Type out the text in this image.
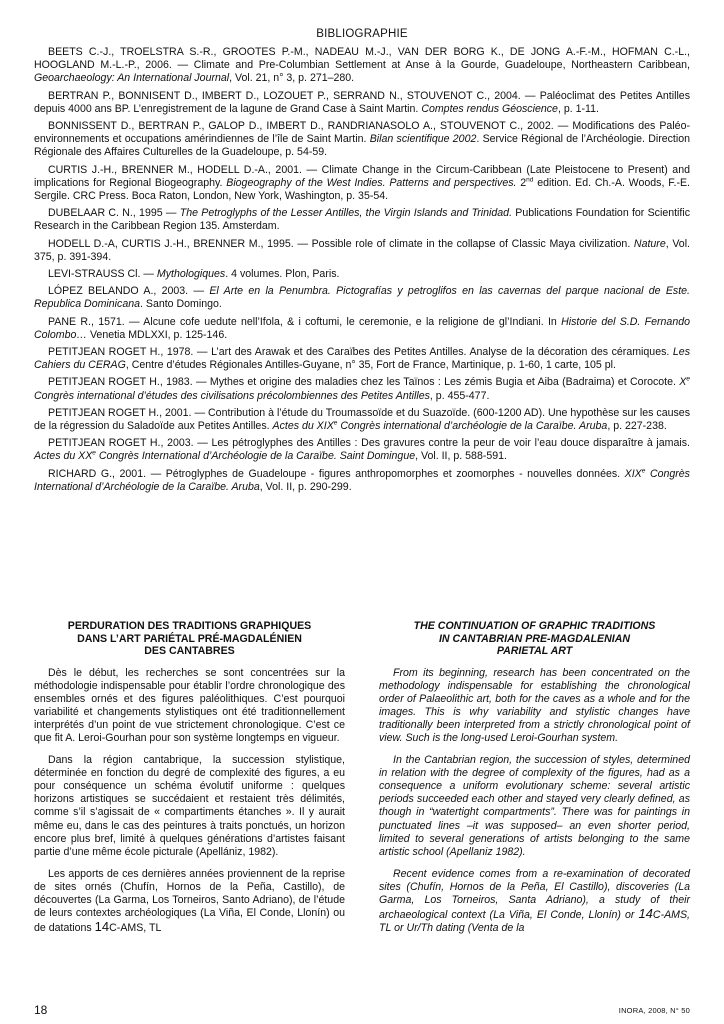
BIBLIOGRAPHIE

BEETS C.-J., TROELSTRA S.-R., GROOTES P.-M., NADEAU M.-J., VAN DER BORG K., DE JONG A.-F.-M., HOFMAN C.-L., HOOGLAND M.-L.-P., 2006. — Climate and Pre-Columbian Settlement at Anse à la Gourde, Guadeloupe, Northeastern Caribbean, Geoarchaeology: An International Journal, Vol. 21, n° 3, p. 271–280.

BERTRAN P., BONNISENT D., IMBERT D., LOZOUET P., SERRAND N., STOUVENOT C., 2004. — Paléoclimat des Petites Antilles depuis 4000 ans BP. L’enregistrement de la lagune de Grand Case à Saint Martin. Comptes rendus Géoscience, p. 1-11.

BONNISSENT D., BERTRAN P., GALOP D., IMBERT D., RANDRIANASOLO A., STOUVENOT C., 2002. — Modifications des Paléo-environnements et occupations amérindiennes de l’île de Saint Martin. Bilan scientifique 2002. Service Régional de l’Archéologie. Direction Régionale des Affaires Culturelles de la Guadeloupe, p. 54-59.

CURTIS J.-H., BRENNER M., HODELL D.-A., 2001. — Climate Change in the Circum-Caribbean (Late Pleistocene to Present) and implications for Regional Biogeography. Biogeography of the West Indies. Patterns and perspectives. 2nd edition. Ed. Ch.-A. Woods, F.-E. Sergile. CRC Press. Boca Raton, London, New York, Washington, p. 35-54.

DUBELAAR C. N., 1995 — The Petroglyphs of the Lesser Antilles, the Virgin Islands and Trinidad. Publications Foundation for Scientific Research in the Caribbean Region 135. Amsterdam.

HODELL D.-A, CURTIS J.-H., BRENNER M., 1995. — Possible role of climate in the collapse of Classic Maya civilization. Nature, Vol. 375, p. 391-394.

LEVI-STRAUSS Cl. — Mythologiques. 4 volumes. Plon, Paris.

LÓPEZ BELANDO A., 2003. — El Arte en la Penumbra. Pictografías y petroglifos en las cavernas del parque nacional de Este. Republica Dominicana. Santo Domingo.

PANE R., 1571. — Alcune cofe uedute nell’Ifola, & i coftumi, le ceremonie, e la religione de gl’Indiani. In Historie del S.D. Fernando Colombo… Venetia MDLXXI, p. 125-146.

PETITJEAN ROGET H., 1978. — L’art des Arawak et des Caraïbes des Petites Antilles. Analyse de la décoration des céramiques. Les Cahiers du CERAG, Centre d’études Régionales Antilles-Guyane, n° 35, Fort de France, Martinique, p. 1-60, 1 carte, 105 pl.

PETITJEAN ROGET H., 1983. — Mythes et origine des maladies chez les Taïnos : Les zémis Bugia et Aiba (Badraima) et Corocote. Xe Congrès international d’études des civilisations précolombiennes des Petites Antilles, p. 455-477.

PETITJEAN ROGET H., 2001. — Contribution à l’étude du Troumassoïde et du Suazoïde. (600-1200 AD). Une hypothèse sur les causes de la régression du Saladoïde aux Petites Antilles. Actes du XIXe Congrès international d’archéologie de la Caraïbe. Aruba, p. 227-238.

PETITJEAN ROGET H., 2003. — Les pétroglyphes des Antilles : Des gravures contre la peur de voir l’eau douce disparaître à jamais. Actes du XXe Congrès International d’Archéologie de la Caraïbe. Saint Domingue, Vol. II, p. 588-591.

RICHARD G., 2001. — Pétroglyphes de Guadeloupe - figures anthropomorphes et zoomorphes - nouvelles données. XIXe Congrès International d’Archéologie de la Caraïbe. Aruba, Vol. II, p. 290-299.

PERDURATION DES TRADITIONS GRAPHIQUES
DANS L’ART PARIÉTAL PRÉ-MAGDALÉNIEN
DES CANTABRES

Dès le début, les recherches se sont concentrées sur la méthodologie indispensable pour établir l’ordre chronologique des ensembles ornés et des figures paléolithiques. C’est pourquoi variabilité et changements stylistiques ont été traditionnellement interprétés d’un point de vue strictement chronologique. C’est ce que fit A. Leroi-Gourhan pour son système longtemps en vigueur.

Dans la région cantabrique, la succession stylistique, déterminée en fonction du degré de complexité des figures, a eu pour conséquence un schéma évolutif uniforme : quelques horizons artistiques se succédaient et restaient très délimités, comme s’il s’agissait de « compartiments étanches ». Il y aurait même eu, dans le cas des peintures à traits ponctués, un horizon encore plus bref, limité à quelques générations d’artistes faisant partie d’une même école picturale (Apellániz, 1982).

Les apports de ces dernières années proviennent de la reprise de sites ornés (Chufín, Hornos de la Peña, Castillo), de découvertes (La Garma, Los Torneiros, Santo Adriano), de l’étude de leurs contextes archéologiques (La Viña, El Conde, Llonín) ou de datations 14C-AMS, TL

THE CONTINUATION OF GRAPHIC TRADITIONS
IN CANTABRIAN PRE-MAGDALENIAN
PARIETAL ART

From its beginning, research has been concentrated on the methodology indispensable for establishing the chronological order of Palaeolithic art, both for the caves as a whole and for the images. This is why variability and stylistic changes have traditionally been interpreted from a strictly chronological point of view. Such is the long-used Leroi-Gourhan system.

In the Cantabrian region, the succession of styles, determined in relation with the degree of complexity of the figures, had as a consequence a uniform evolutionary scheme: several artistic periods succeeded each other and stayed very clearly defined, as though in “watertight compartments”. There was for paintings in punctuated lines –it was supposed– an even shorter period, limited to several generations of artists belonging to the same artistic school (Apellaniz 1982).

Recent evidence comes from a re-examination of decorated sites (Chufín, Hornos de la Peña, El Castillo), discoveries (La Garma, Los Torneiros, Santa Adriano), a study of their archaeological context (La Viña, El Conde, Llonín) or 14C-AMS, TL or Ur/Th dating (Venta de la

18	INORA, 2008, N° 50
